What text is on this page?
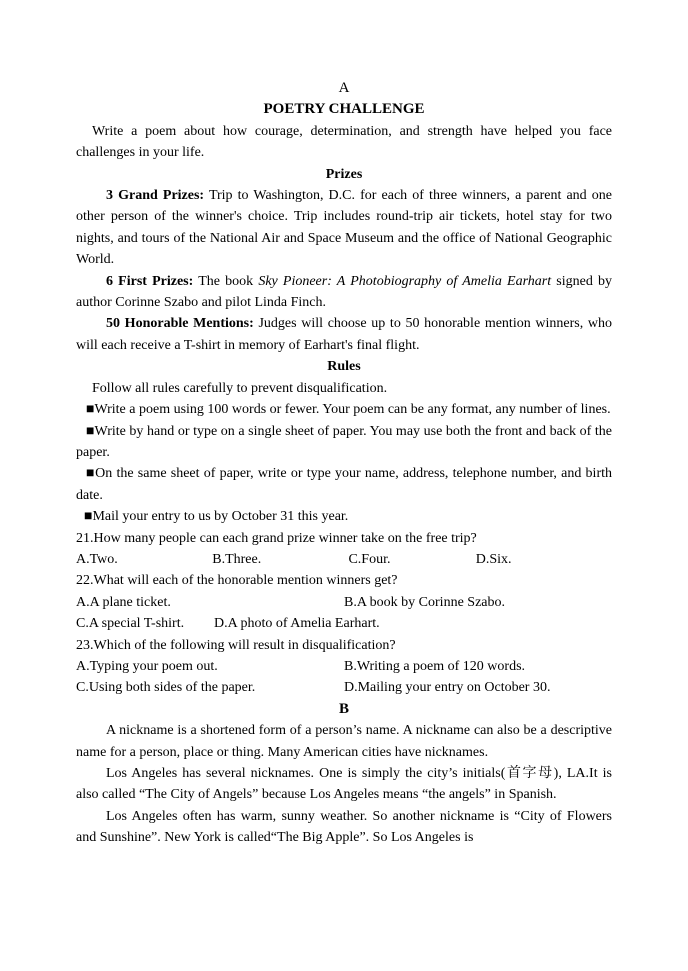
A

POETRY CHALLENGE

Write a poem about how courage, determination, and strength have helped you face challenges in your life.

Prizes

3 Grand Prizes: Trip to Washington, D.C. for each of three winners, a parent and one other person of the winner's choice. Trip includes round-trip air tickets, hotel stay for two nights, and tours of the National Air and Space Museum and the office of National Geographic World.

6 First Prizes: The book Sky Pioneer: A Photobiography of Amelia Earhart signed by author Corinne Szabo and pilot Linda Finch.

50 Honorable Mentions: Judges will choose up to 50 honorable mention winners, who will each receive a T-shirt in memory of Earhart's final flight.

Rules

Follow all rules carefully to prevent disqualification.

■Write a poem using 100 words or fewer. Your poem can be any format, any number of lines.

■Write by hand or type on a single sheet of paper. You may use both the front and back of the paper.

■On the same sheet of paper, write or type your name, address, telephone number, and birth date.

■Mail your entry to us by October 31 this year.

21.How many people can each grand prize winner take on the free trip?

A.Two.	B.Three.	C.Four.	D.Six.

22.What will each of the honorable mention winners get?

A.A plane ticket.	B.A book by Corinne Szabo.
C.A special T-shirt.	D.A photo of Amelia Earhart.

23.Which of the following will result in disqualification?

A.Typing your poem out.	B.Writing a poem of 120 words.
C.Using both sides of the paper.	D.Mailing your entry on October 30.

B

A nickname is a shortened form of a person’s name. A nickname can also be a descriptive name for a person, place or thing. Many American cities have nicknames.

Los Angeles has several nicknames. One is simply the city’s initials(首字母), LA.It is also called “The City of Angels” because Los Angeles means “the angels” in Spanish.

Los Angeles often has warm, sunny weather. So another nickname is “City of Flowers and Sunshine”. New York is called“The Big Apple”. So Los Angeles is
